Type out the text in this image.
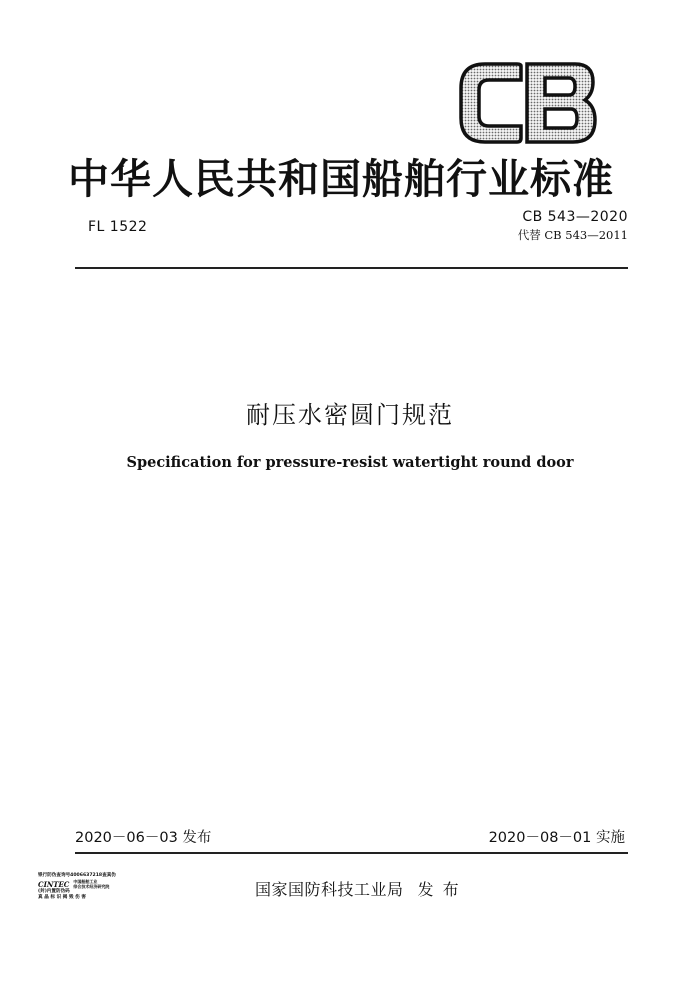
中华人民共和国船舶行业标准
FL 1522
CB 543—2020
代替 CB 543—2011
耐压水密圆门规范
Specification for pressure-resist watertight round door
2020－06－03 发布	2020－08－01 实施
银行防伪查询号4006637218查真伪
CINTEC 中国船舶工业
综合技术经济研究院
(封)内置防伪码
真 晶 标 识 揭 毁 伤 害	国家国防科技工业局 发 布
